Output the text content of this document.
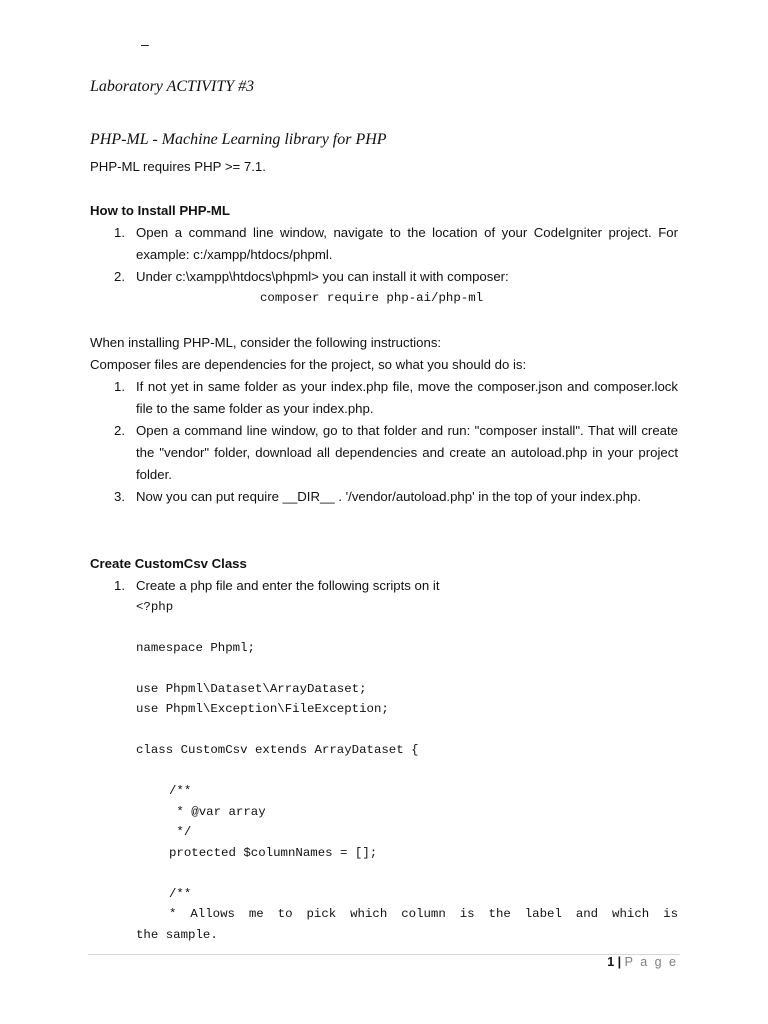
–
Laboratory ACTIVITY #3
PHP-ML - Machine Learning library for PHP
PHP-ML requires PHP >= 7.1.
How to Install PHP-ML
1. Open a command line window, navigate to the location of your CodeIgniter project. For example: c:/xampp/htdocs/phpml.
2. Under c:\xampp\htdocs\phpml> you can install it with composer:
composer require php-ai/php-ml
When installing PHP-ML, consider the following instructions:
Composer files are dependencies for the project, so what you should do is:
1. If not yet in same folder as your index.php file, move the composer.json and composer.lock file to the same folder as your index.php.
2. Open a command line window, go to that folder and run: "composer install". That will create the "vendor" folder, download all dependencies and create an autoload.php in your project folder.
3. Now you can put require __DIR__ . '/vendor/autoload.php' in the top of your index.php.
Create CustomCsv Class
1. Create a php file and enter the following scripts on it
<?php
namespace Phpml;
use Phpml\Dataset\ArrayDataset;
use Phpml\Exception\FileException;
class CustomCsv extends ArrayDataset {
/**
* @var array
*/
protected $columnNames = [];
/**
* Allows me to pick which column is the label and which is
the sample.
1 | P a g e
